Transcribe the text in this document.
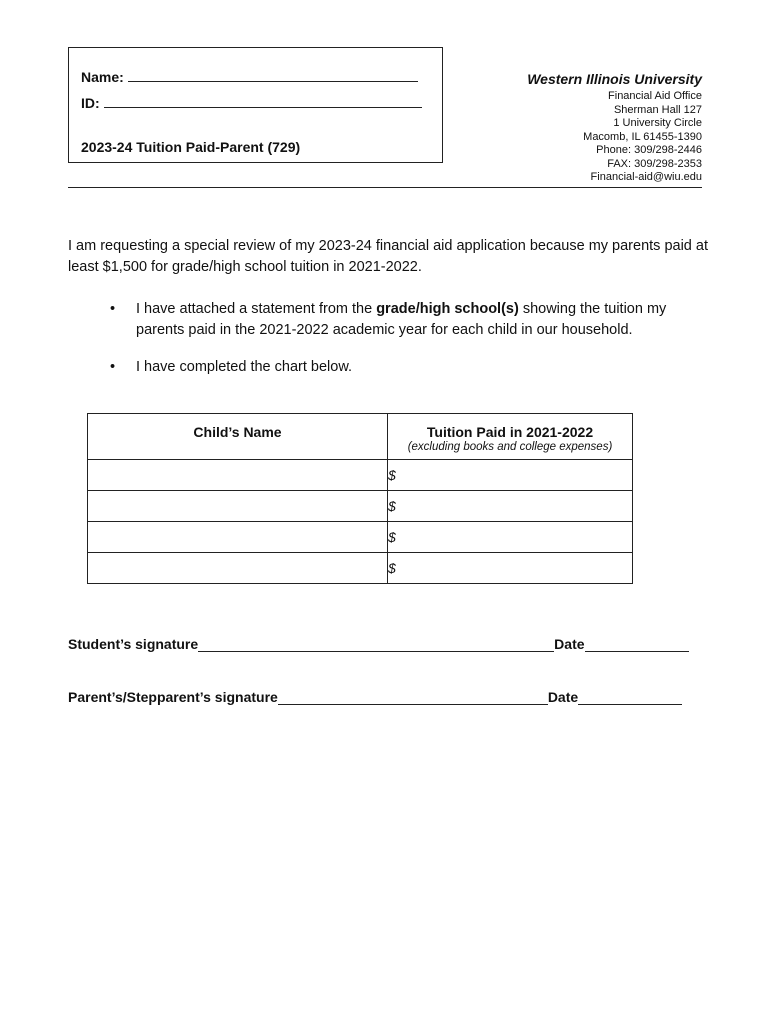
Name:
ID:
2023-24 Tuition Paid-Parent (729)
Western Illinois University
Financial Aid Office
Sherman Hall 127
1 University Circle
Macomb, IL 61455-1390
Phone: 309/298-2446
FAX: 309/298-2353
Financial-aid@wiu.edu
I am requesting a special review of my 2023-24 financial aid application because my parents paid at least $1,500 for grade/high school tuition in 2021-2022.
• I have attached a statement from the grade/high school(s) showing the tuition my parents paid in the 2021-2022 academic year for each child in our household.
• I have completed the chart below.
Child’s Name	Tuition Paid in 2021-2022
(excluding books and college expenses)

	$
	$
	$
	$
Student’s signature	Date
Parent’s/Stepparent’s signature	Date
